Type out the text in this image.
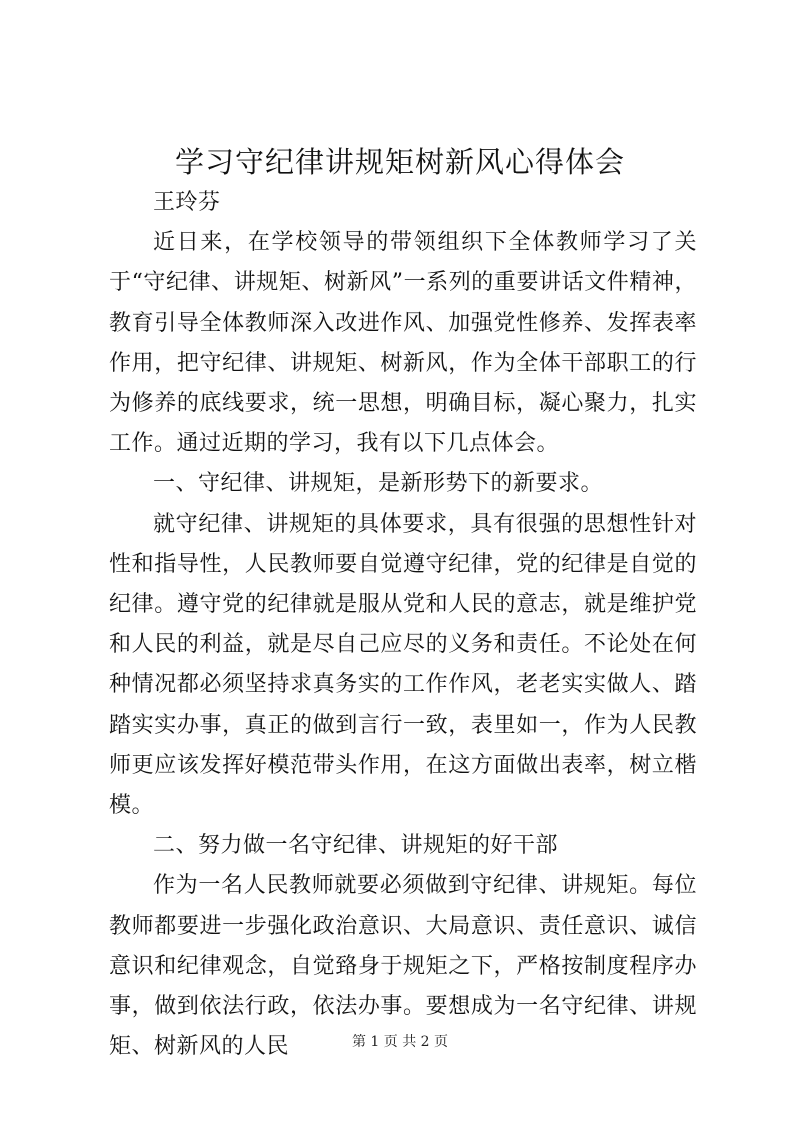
学习守纪律讲规矩树新风心得体会

王玲芬

近日来，在学校领导的带领组织下全体教师学习了关于“守纪律、讲规矩、树新风”一系列的重要讲话文件精神，教育引导全体教师深入改进作风、加强党性修养、发挥表率作用，把守纪律、讲规矩、树新风，作为全体干部职工的行为修养的底线要求，统一思想，明确目标，凝心聚力，扎实工作。通过近期的学习，我有以下几点体会。

一、守纪律、讲规矩，是新形势下的新要求。

就守纪律、讲规矩的具体要求，具有很强的思想性针对性和指导性，人民教师要自觉遵守纪律，党的纪律是自觉的纪律。遵守党的纪律就是服从党和人民的意志，就是维护党和人民的利益，就是尽自己应尽的义务和责任。不论处在何种情况都必须坚持求真务实的工作作风，老老实实做人、踏踏实实办事，真正的做到言行一致，表里如一，作为人民教师更应该发挥好模范带头作用，在这方面做出表率，树立楷模。

二、努力做一名守纪律、讲规矩的好干部

作为一名人民教师就要必须做到守纪律、讲规矩。每位教师都要进一步强化政治意识、大局意识、责任意识、诚信意识和纪律观念，自觉臵身于规矩之下，严格按制度程序办事，做到依法行政，依法办事。要想成为一名守纪律、讲规矩、树新风的人民	第 1 页 共 2 页
